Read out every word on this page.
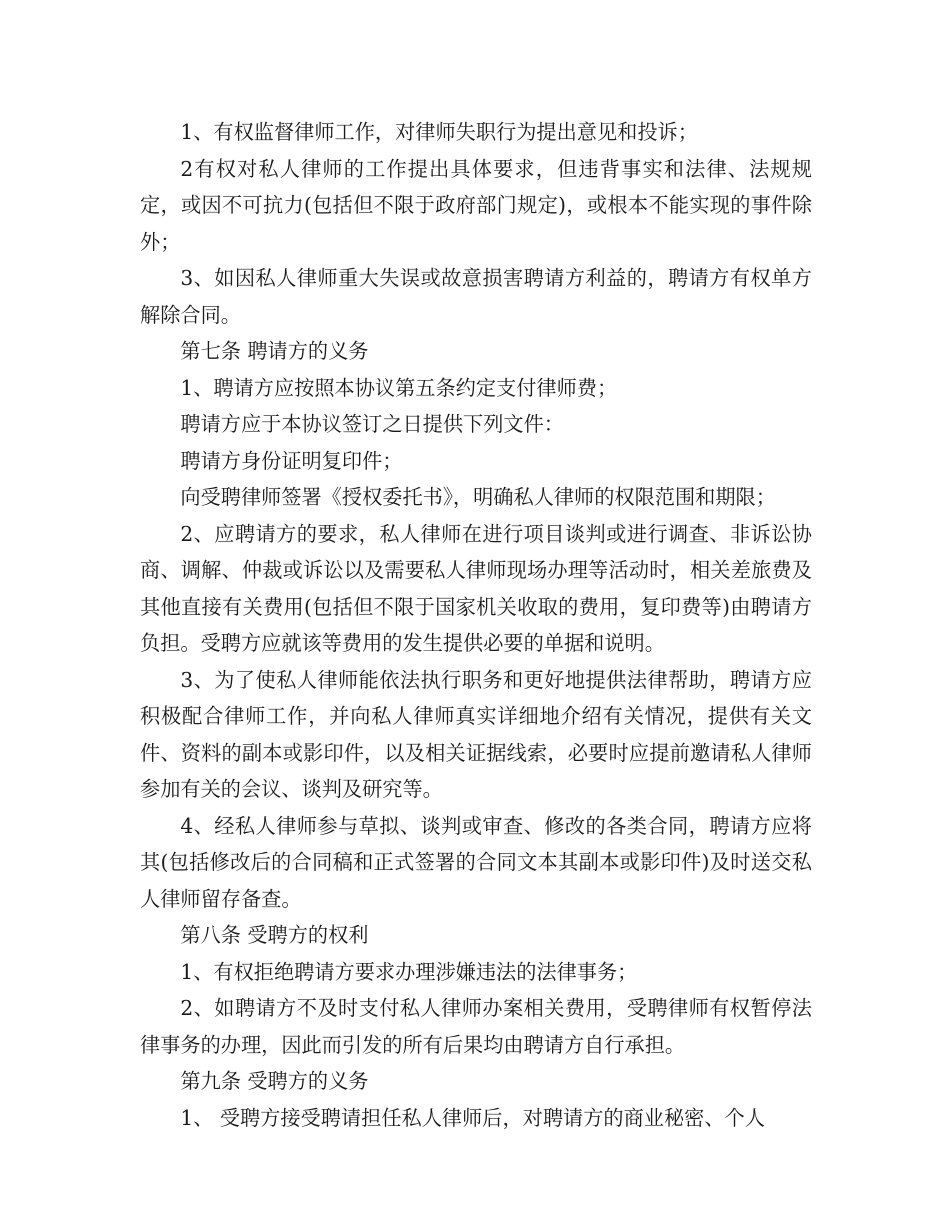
1、有权监督律师工作，对律师失职行为提出意见和投诉；

2有权对私人律师的工作提出具体要求，但违背事实和法律、法规规定，或因不可抗力(包括但不限于政府部门规定)，或根本不能实现的事件除外；

3、如因私人律师重大失误或故意损害聘请方利益的，聘请方有权单方解除合同。

第七条 聘请方的义务

1、聘请方应按照本协议第五条约定支付律师费；

聘请方应于本协议签订之日提供下列文件：

聘请方身份证明复印件；

向受聘律师签署《授权委托书》，明确私人律师的权限范围和期限；

2、应聘请方的要求，私人律师在进行项目谈判或进行调查、非诉讼协商、调解、仲裁或诉讼以及需要私人律师现场办理等活动时，相关差旅费及其他直接有关费用(包括但不限于国家机关收取的费用，复印费等)由聘请方负担。受聘方应就该等费用的发生提供必要的单据和说明。

3、为了使私人律师能依法执行职务和更好地提供法律帮助，聘请方应积极配合律师工作，并向私人律师真实详细地介绍有关情况，提供有关文件、资料的副本或影印件，以及相关证据线索，必要时应提前邀请私人律师参加有关的会议、谈判及研究等。

4、经私人律师参与草拟、谈判或审查、修改的各类合同，聘请方应将其(包括修改后的合同稿和正式签署的合同文本其副本或影印件)及时送交私人律师留存备查。

第八条 受聘方的权利

1、有权拒绝聘请方要求办理涉嫌违法的法律事务；

2、如聘请方不及时支付私人律师办案相关费用，受聘律师有权暂停法律事务的办理，因此而引发的所有后果均由聘请方自行承担。

第九条 受聘方的义务

1、 受聘方接受聘请担任私人律师后，对聘请方的商业秘密、个人
